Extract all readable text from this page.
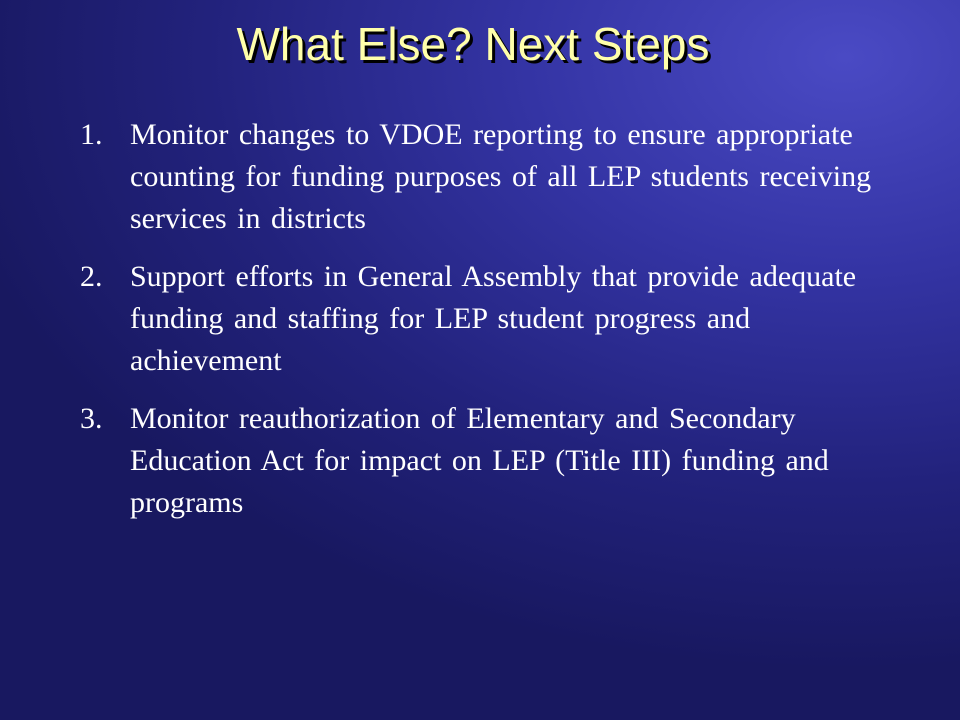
What Else? Next Steps
1. Monitor changes to VDOE reporting to ensure appropriate counting for funding purposes of all LEP students receiving services in districts
2. Support efforts in General Assembly that provide adequate funding and staffing for LEP student progress and achievement
3. Monitor reauthorization of Elementary and Secondary Education Act for impact on LEP (Title III) funding and programs
